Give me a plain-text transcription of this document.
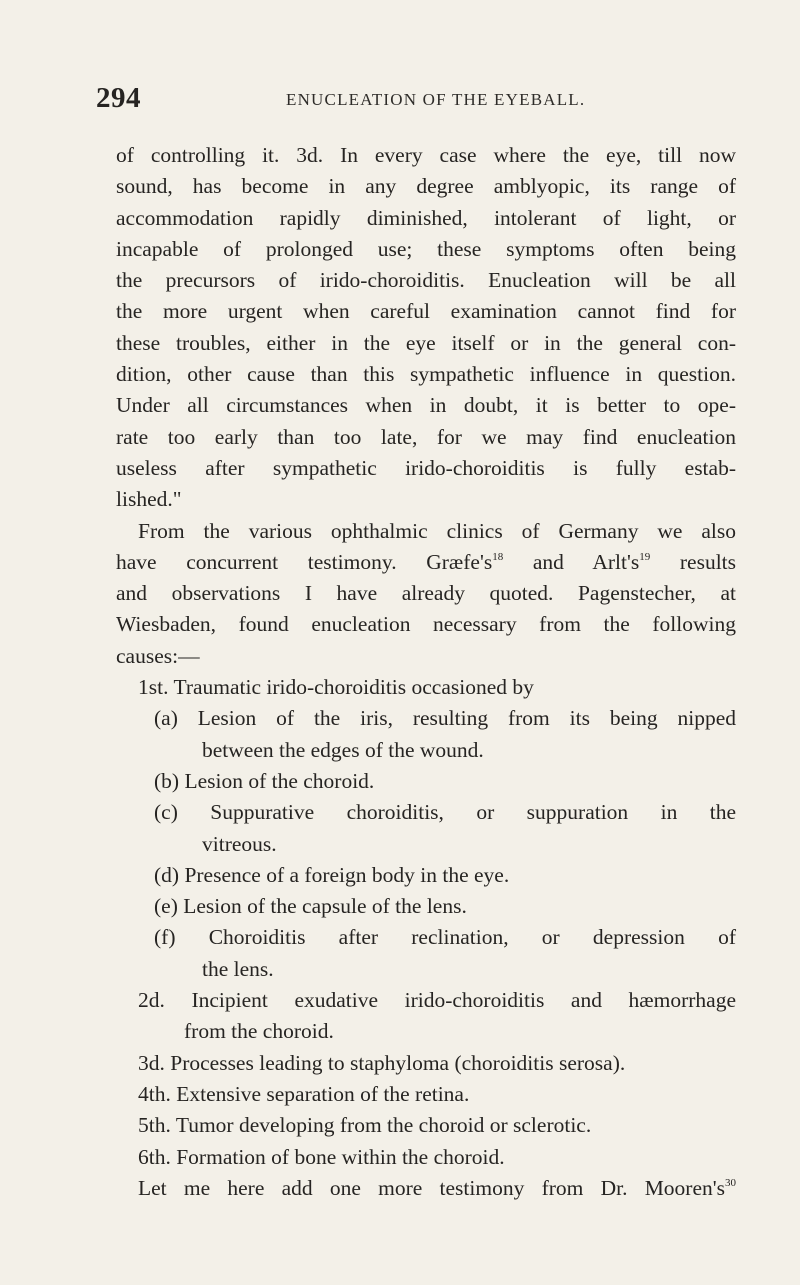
294	ENUCLEATION OF THE EYEBALL.
of controlling it. 3d. In every case where the eye, till now
sound, has become in any degree amblyopic, its range of
accommodation rapidly diminished, intolerant of light, or
incapable of prolonged use; these symptoms often being
the precursors of irido-choroiditis. Enucleation will be all
the more urgent when careful examination cannot find for
these troubles, either in the eye itself or in the general con-
dition, other cause than this sympathetic influence in question.
Under all circumstances when in doubt, it is better to ope-
rate too early than too late, for we may find enucleation
useless after sympathetic irido-choroiditis is fully estab-
lished."
From the various ophthalmic clinics of Germany we also
have concurrent testimony. $Græfe's^{18}$ and $Arlt's^{19}$ results
and observations I have already quoted. Pagenstecher, at
Wiesbaden, found enucleation necessary from the following
causes:—
1st. Traumatic irido-choroiditis occasioned by
(a) Lesion of the iris, resulting from its being nipped
between the edges of the wound.
(b) Lesion of the choroid.
(c) Suppurative choroiditis, or suppuration in the
vitreous.
(d) Presence of a foreign body in the eye.
(e) Lesion of the capsule of the lens.
(f) Choroiditis after reclination, or depression of
the lens.
2d. Incipient exudative irido-choroiditis and hæmorrhage
from the choroid.
3d. Processes leading to staphyloma (choroiditis serosa).
4th. Extensive separation of the retina.
5th. Tumor developing from the choroid or sclerotic.
6th. Formation of bone within the choroid.
Let me here add one more testimony from Dr. $Mooren's^{30}$
